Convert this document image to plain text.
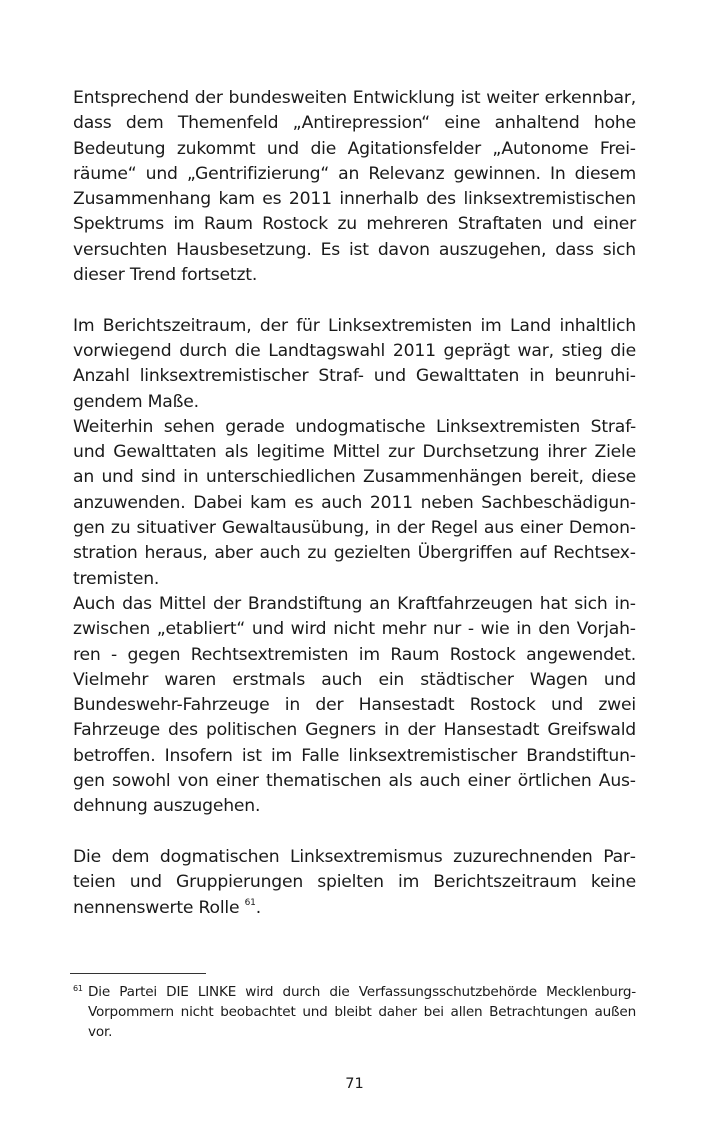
Entsprechend der bundesweiten Entwicklung ist weiter erkennbar, dass dem Themenfeld „Antirepression“ eine anhaltend hohe Bedeutung zukommt und die Agitationsfelder „Autonome Freiräume“ und „Gentrifizierung“ an Relevanz gewinnen. In diesem Zusammenhang kam es 2011 innerhalb des linksextremistischen Spektrums im Raum Rostock zu mehreren Straftaten und einer versuchten Hausbesetzung. Es ist davon auszugehen, dass sich dieser Trend fortsetzt.

Im Berichtszeitraum, der für Linksextremisten im Land inhaltlich vorwiegend durch die Landtagswahl 2011 geprägt war, stieg die Anzahl linksextremistischer Straf- und Gewalttaten in beunruhigendem Maße.

Weiterhin sehen gerade undogmatische Linksextremisten Straf- und Gewalttaten als legitime Mittel zur Durchsetzung ihrer Ziele an und sind in unterschiedlichen Zusammenhängen bereit, diese anzuwenden. Dabei kam es auch 2011 neben Sachbeschädigungen zu situativer Gewaltausübung, in der Regel aus einer Demonstration heraus, aber auch zu gezielten Übergriffen auf Rechtsextremisten.

Auch das Mittel der Brandstiftung an Kraftfahrzeugen hat sich inzwischen „etabliert“ und wird nicht mehr nur - wie in den Vorjahren - gegen Rechtsextremisten im Raum Rostock angewendet. Vielmehr waren erstmals auch ein städtischer Wagen und Bundeswehr-Fahrzeuge in der Hansestadt Rostock und zwei Fahrzeuge des politischen Gegners in der Hansestadt Greifswald betroffen. Insofern ist im Falle linksextremistischer Brandstiftungen sowohl von einer thematischen als auch einer örtlichen Ausdehnung auszugehen.

Die dem dogmatischen Linksextremismus zuzurechnenden Parteien und Gruppierungen spielten im Berichtszeitraum keine nennenswerte Rolle $^{61}$.

61 Die Partei DIE LINKE wird durch die Verfassungsschutzbehörde Mecklenburg-Vorpommern nicht beobachtet und bleibt daher bei allen Betrachtungen außen vor.
71
